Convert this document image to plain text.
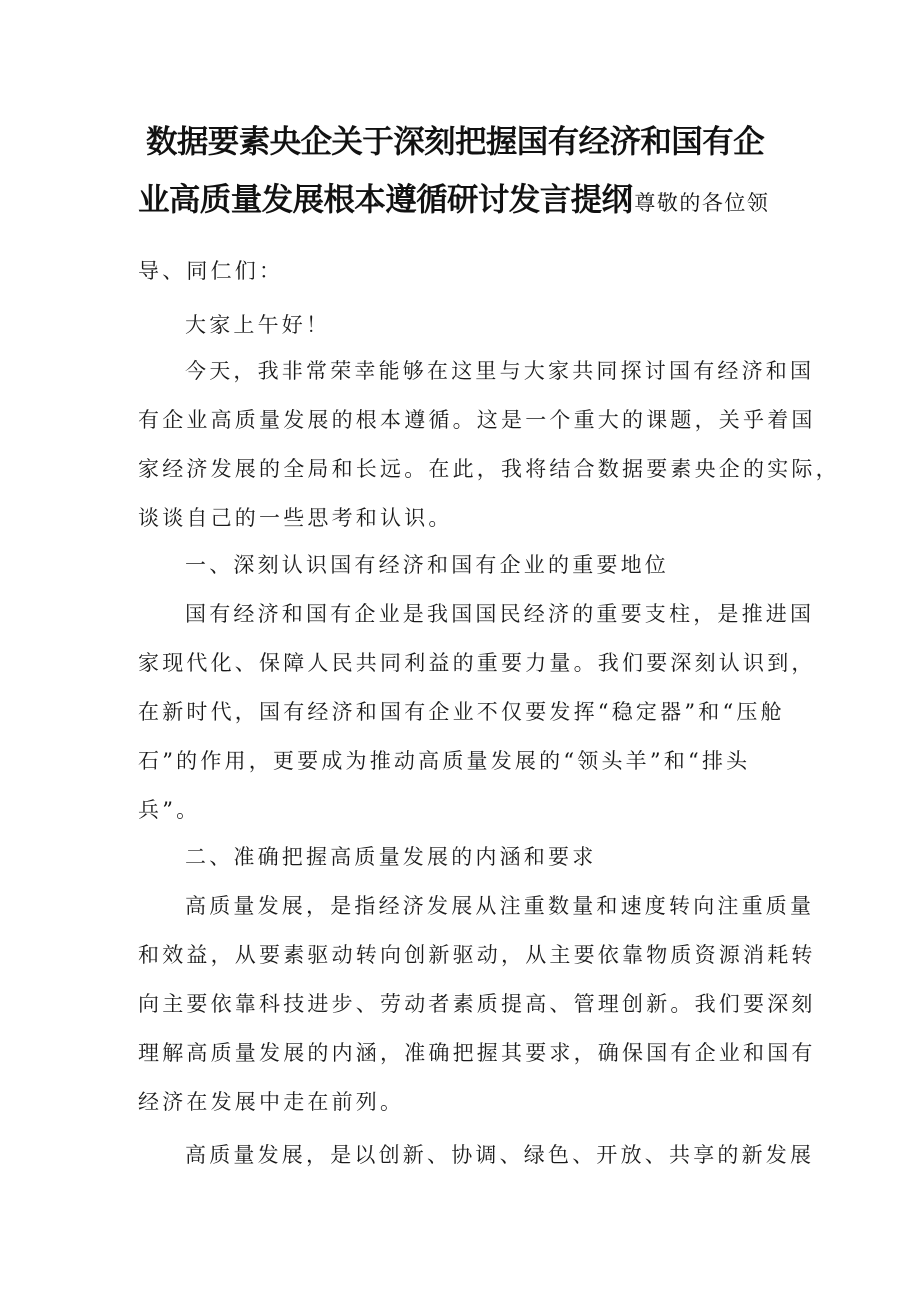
数据要素央企关于深刻把握国有经济和国有企
业高质量发展根本遵循研讨发言提纲尊敬的各位领
导、同仁们：
大家上午好！
今天，我非常荣幸能够在这里与大家共同探讨国有经济和国
有企业高质量发展的根本遵循。这是一个重大的课题，关乎着国
家经济发展的全局和长远。在此，我将结合数据要素央企的实际，
谈谈自己的一些思考和认识。
一、深刻认识国有经济和国有企业的重要地位
国有经济和国有企业是我国国民经济的重要支柱，是推进国
家现代化、保障人民共同利益的重要力量。我们要深刻认识到，
在新时代，国有经济和国有企业不仅要发挥“稳定器”和“压舱
石”的作用，更要成为推动高质量发展的“领头羊”和“排头
兵”。
二、准确把握高质量发展的内涵和要求
高质量发展，是指经济发展从注重数量和速度转向注重质量
和效益，从要素驱动转向创新驱动，从主要依靠物质资源消耗转
向主要依靠科技进步、劳动者素质提高、管理创新。我们要深刻
理解高质量发展的内涵，准确把握其要求，确保国有企业和国有
经济在发展中走在前列。
高质量发展，是以创新、协调、绿色、开放、共享的新发展
